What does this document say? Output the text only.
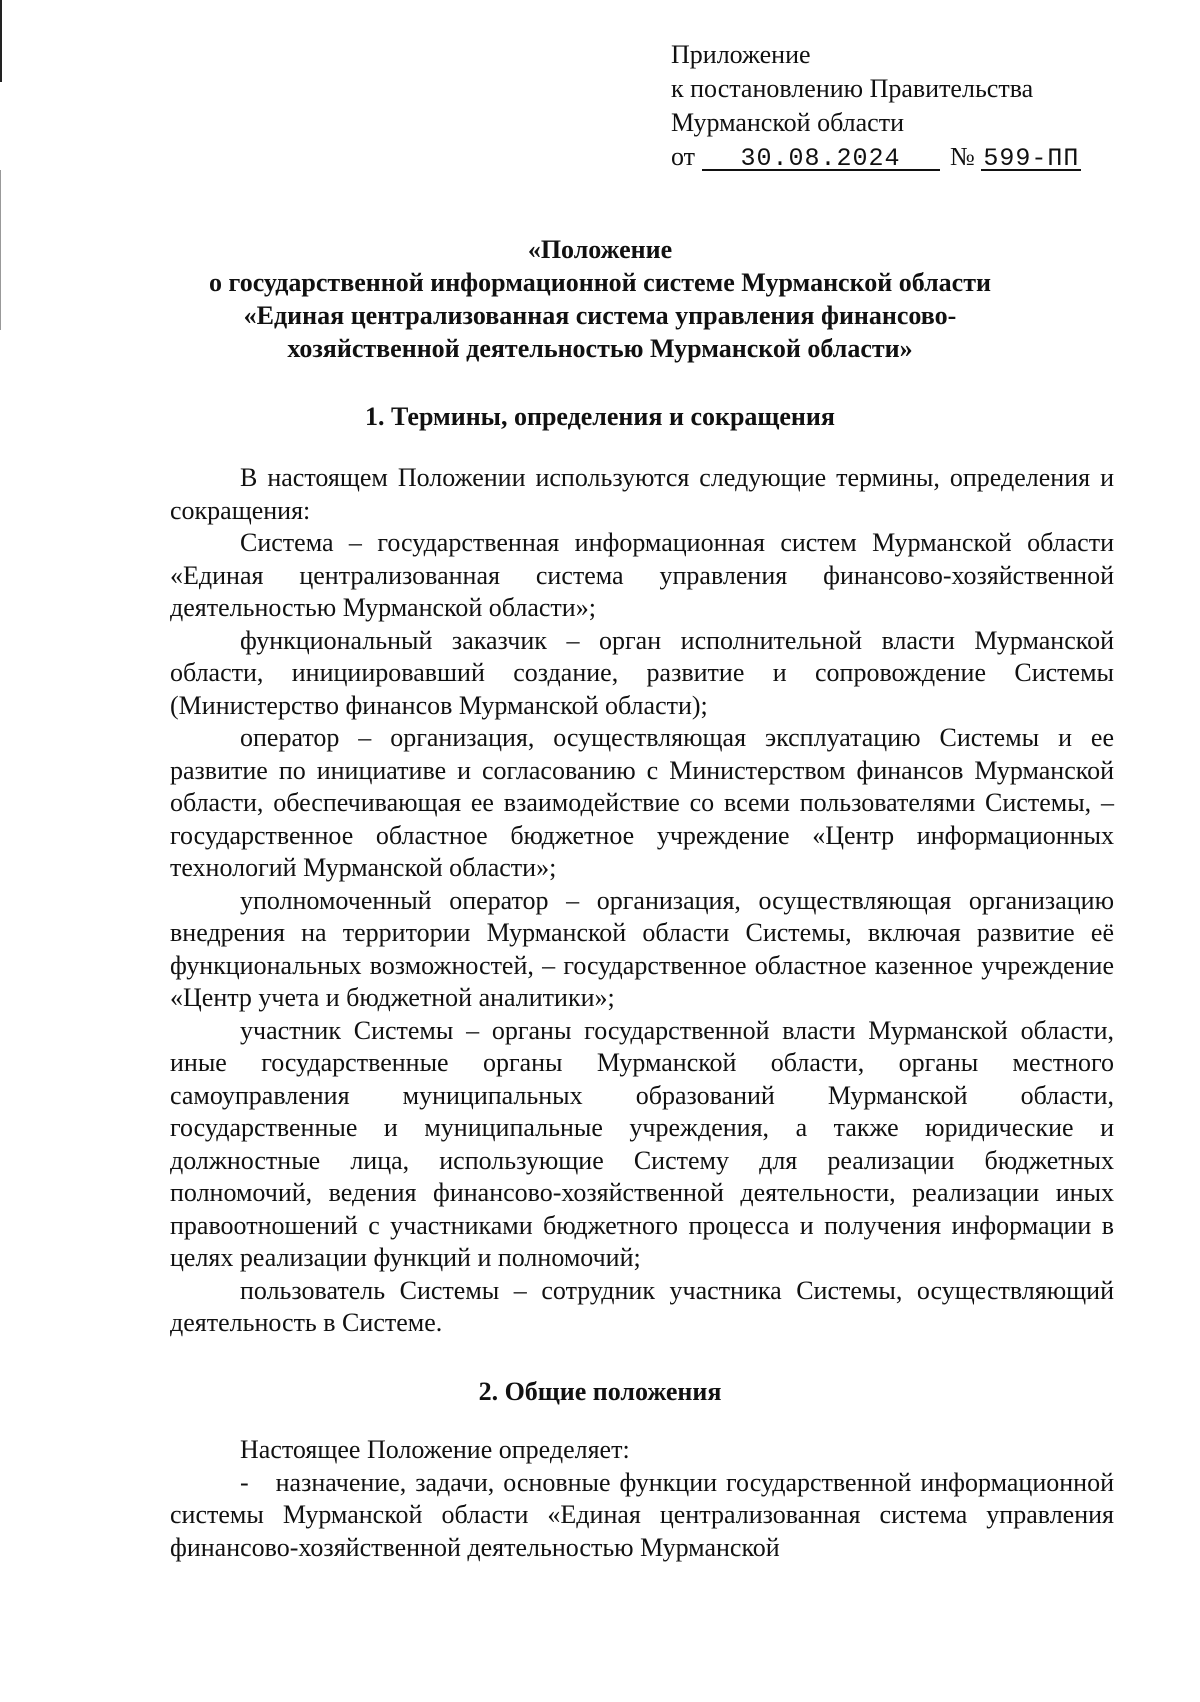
Приложение
к постановлению Правительства
Мурманской области
от 30.08.2024 № 599-ПП
«Положение
о государственной информационной системе Мурманской области
«Единая централизованная система управления финансово-
хозяйственной деятельностью Мурманской области»
1. Термины, определения и сокращения

В настоящем Положении используются следующие термины, определения и сокращения:

Система – государственная информационная систем Мурманской области «Единая централизованная система управления финансово-хозяйственной деятельностью Мурманской области»;

функциональный заказчик – орган исполнительной власти Мурманской области, инициировавший создание, развитие и сопровождение Системы (Министерство финансов Мурманской области);

оператор – организация, осуществляющая эксплуатацию Системы и ее развитие по инициативе и согласованию с Министерством финансов Мурманской области, обеспечивающая ее взаимодействие со всеми пользователями Системы, – государственное областное бюджетное учреждение «Центр информационных технологий Мурманской области»;

уполномоченный оператор – организация, осуществляющая организацию внедрения на территории Мурманской области Системы, включая развитие её функциональных возможностей, – государственное областное казенное учреждение «Центр учета и бюджетной аналитики»;

участник Системы – органы государственной власти Мурманской области, иные государственные органы Мурманской области, органы местного самоуправления муниципальных образований Мурманской области, государственные и муниципальные учреждения, а также юридические и должностные лица, использующие Систему для реализации бюджетных полномочий, ведения финансово-хозяйственной деятельности, реализации иных правоотношений с участниками бюджетного процесса и получения информации в целях реализации функций и полномочий;

пользователь Системы – сотрудник участника Системы, осуществляющий деятельность в Системе.

2. Общие положения

Настоящее Положение определяет:

-   назначение, задачи, основные функции государственной информационной системы Мурманской области «Единая централизованная система управления финансово-хозяйственной деятельностью Мурманской
